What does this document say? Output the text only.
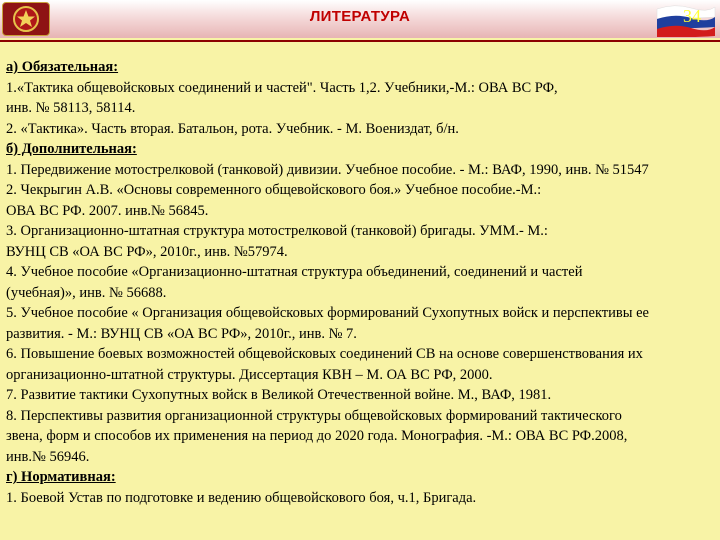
ЛИТЕРАТУРА	34
а) Обязательная:
1.«Тактика общевойсковых соединений и частей". Часть 1,2. Учебники,-М.: ОВА ВС РФ,
инв. № 58113, 58114.
2. «Тактика». Часть вторая. Батальон, рота. Учебник. - М. Воениздат, б/н.
б) Дополнительная:
1. Передвижение мотострелковой (танковой) дивизии. Учебное пособие. - М.: ВАФ, 1990, инв. № 51547
2. Чекрыгин А.В. «Основы современного общевойскового боя.» Учебное пособие.-М.:
ОВА ВС РФ. 2007. инв.№ 56845.
3. Организационно-штатная структура мотострелковой (танковой) бригады. УММ.- М.:
ВУНЦ СВ «ОА ВС РФ», 2010г., инв. №57974.
4. Учебное пособие «Организационно-штатная структура объединений, соединений и частей
(учебная)», инв. № 56688.
5. Учебное пособие « Организация общевойсковых формирований Сухопутных войск и перспективы ее
развития. - М.: ВУНЦ СВ «ОА ВС РФ», 2010г., инв. № 7.
6. Повышение боевых возможностей общевойсковых соединений СВ на основе совершенствования их
организационно-штатной структуры. Диссертация КВН – М. ОА ВС РФ, 2000.
7. Развитие тактики Сухопутных войск в Великой Отечественной войне. М., ВАФ, 1981.
8. Перспективы развития организационной структуры общевойсковых формирований тактического
звена, форм и способов их применения на период до 2020 года. Монография. -М.: ОВА ВС РФ.2008,
инв.№ 56946.
г) Нормативная:
1. Боевой Устав по подготовке и ведению общевойскового боя, ч.1, Бригада.
